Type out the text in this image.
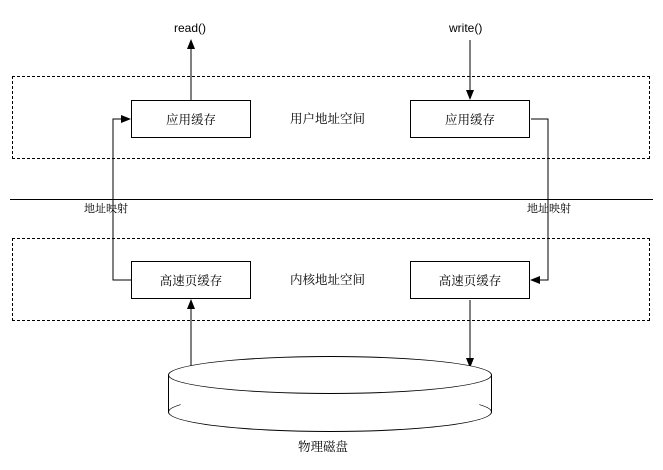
read()	write()
用户地址空间
内核地址空间
地址映射	地址映射
应用缓存	应用缓存
高速页缓存	高速页缓存
物理磁盘
